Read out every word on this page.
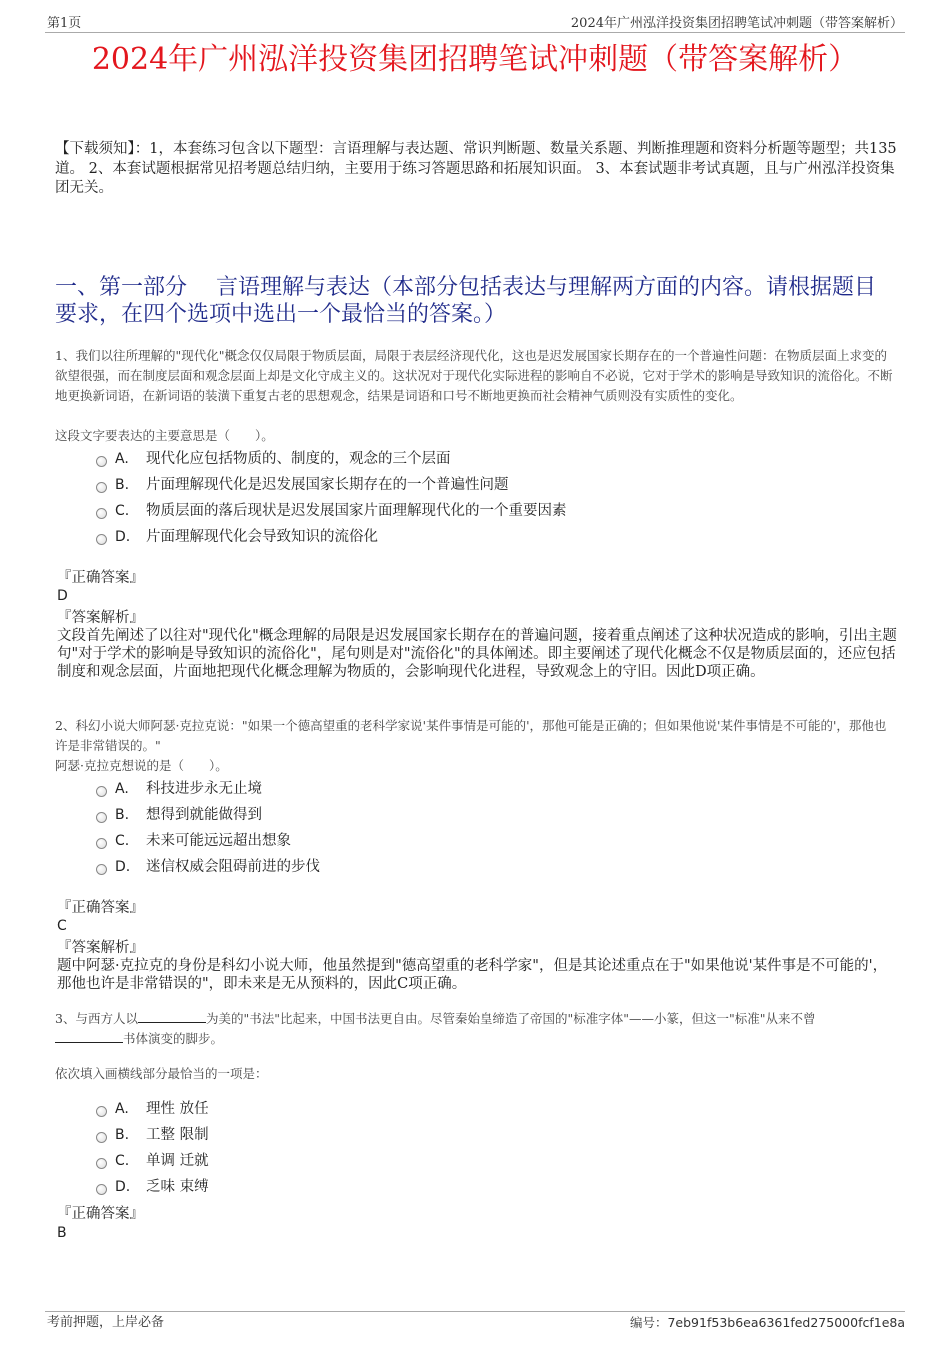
第1页	2024年广州泓洋投资集团招聘笔试冲刺题（带答案解析）
2024年广州泓洋投资集团招聘笔试冲刺题（带答案解析）
【下载须知】：1，本套练习包含以下题型：言语理解与表达题、常识判断题、数量关系题、判断推理题和资料分析题等题型；共135道。 2、本套试题根据常见招考题总结归纳，主要用于练习答题思路和拓展知识面。 3、本套试题非考试真题，且与广州泓洋投资集团无关。
一、第一部分　 言语理解与表达（本部分包括表达与理解两方面的内容。请根据题目要求，在四个选项中选出一个最恰当的答案。）
1、我们以往所理解的"现代化"概念仅仅局限于物质层面，局限于表层经济现代化，这也是迟发展国家长期存在的一个普遍性问题：在物质层面上求变的欲望很强，而在制度层面和观念层面上却是文化守成主义的。这状况对于现代化实际进程的影响自不必说，它对于学术的影响是导致知识的流俗化。不断地更换新词语，在新词语的装潢下重复古老的思想观念，结果是词语和口号不断地更换而社会精神气质则没有实质性的变化。
这段文字要表达的主要意思是（　　）。
A. 现代化应包括物质的、制度的，观念的三个层面
B. 片面理解现代化是迟发展国家长期存在的一个普遍性问题
C. 物质层面的落后现状是迟发展国家片面理解现代化的一个重要因素
D. 片面理解现代化会导致知识的流俗化
『正确答案』
D
『答案解析』
文段首先阐述了以往对"现代化"概念理解的局限是迟发展国家长期存在的普遍问题，接着重点阐述了这种状况造成的影响，引出主题句"对于学术的影响是导致知识的流俗化"，尾句则是对"流俗化"的具体阐述。即主要阐述了现代化概念不仅是物质层面的，还应包括制度和观念层面，片面地把现代化概念理解为物质的，会影响现代化进程，导致观念上的守旧。因此D项正确。
2、科幻小说大师阿瑟·克拉克说："如果一个德高望重的老科学家说'某件事情是可能的'，那他可能是正确的；但如果他说'某件事情是不可能的'，那他也许是非常错误的。"
阿瑟·克拉克想说的是（　　）。
A. 科技进步永无止境
B. 想得到就能做得到
C. 未来可能远远超出想象
D. 迷信权威会阻碍前进的步伐
『正确答案』
C
『答案解析』
题中阿瑟·克拉克的身份是科幻小说大师，他虽然提到"德高望重的老科学家"，但是其论述重点在于"如果他说'某件事是不可能的'，那他也许是非常错误的"，即未来是无从预料的，因此C项正确。
3、与西方人以	为美的"书法"比起来，中国书法更自由。尽管秦始皇缔造了帝国的"标准字体"——小篆，但这一"标准"从来不曾
书体演变的脚步。
依次填入画横线部分最恰当的一项是：
A. 理性 放任
B. 工整 限制
C. 单调 迁就
D. 乏味 束缚
『正确答案』
B
考前押题，上岸必备	编号：7eb91f53b6ea6361fed275000fcf1e8a
